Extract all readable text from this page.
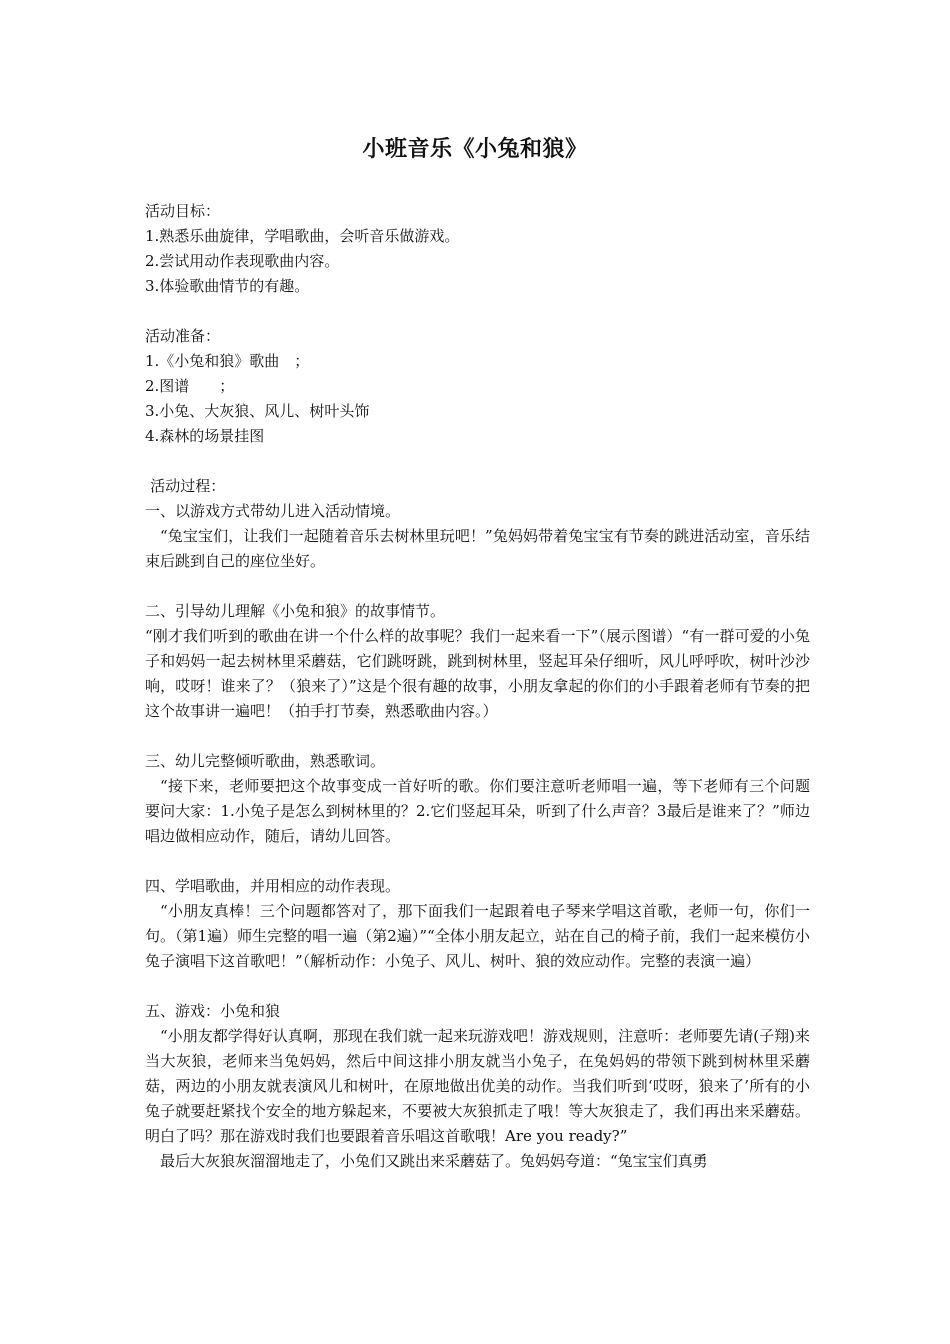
小班音乐《小兔和狼》

活动目标：

1.熟悉乐曲旋律，学唱歌曲，会听音乐做游戏。

2.尝试用动作表现歌曲内容。

3.体验歌曲情节的有趣。

活动准备：

1.《小兔和狼》歌曲　；

2.图谱　　；

3.小兔、大灰狼、风儿、树叶头饰

4.森林的场景挂图

活动过程：

一、以游戏方式带幼儿进入活动情境。

“兔宝宝们，让我们一起随着音乐去树林里玩吧！”兔妈妈带着兔宝宝有节奏的跳进活动室，音乐结束后跳到自己的座位坐好。

二、引导幼儿理解《小兔和狼》的故事情节。

“刚才我们听到的歌曲在讲一个什么样的故事呢？我们一起来看一下”（展示图谱）“有一群可爱的小兔子和妈妈一起去树林里采蘑菇，它们跳呀跳，跳到树林里，竖起耳朵仔细听，风儿呼呼吹，树叶沙沙响，哎呀！谁来了？（狼来了）”这是个很有趣的故事，小朋友拿起的你们的小手跟着老师有节奏的把这个故事讲一遍吧！（拍手打节奏，熟悉歌曲内容。）

三、幼儿完整倾听歌曲，熟悉歌词。

“接下来，老师要把这个故事变成一首好听的歌。你们要注意听老师唱一遍，等下老师有三个问题要问大家：1.小兔子是怎么到树林里的？2.它们竖起耳朵，听到了什么声音？3最后是谁来了？”师边唱边做相应动作，随后，请幼儿回答。

四、学唱歌曲，并用相应的动作表现。

“小朋友真棒！三个问题都答对了，那下面我们一起跟着电子琴来学唱这首歌，老师一句，你们一句。（第1遍）师生完整的唱一遍（第2遍）”“全体小朋友起立，站在自己的椅子前，我们一起来模仿小兔子演唱下这首歌吧！”（解析动作：小兔子、风儿、树叶、狼的效应动作。完整的表演一遍）

五、游戏：小兔和狼

“小朋友都学得好认真啊，那现在我们就一起来玩游戏吧！游戏规则，注意听：老师要先请(子翔)来当大灰狼，老师来当兔妈妈，然后中间这排小朋友就当小兔子，在兔妈妈的带领下跳到树林里采蘑菇，两边的小朋友就表演风儿和树叶，在原地做出优美的动作。当我们听到‘哎呀，狼来了’所有的小兔子就要赶紧找个安全的地方躲起来，不要被大灰狼抓走了哦！等大灰狼走了，我们再出来采蘑菇。明白了吗？那在游戏时我们也要跟着音乐唱这首歌哦！Are you ready?”

最后大灰狼灰溜溜地走了，小兔们又跳出来采蘑菇了。兔妈妈夸道：“兔宝宝们真勇
